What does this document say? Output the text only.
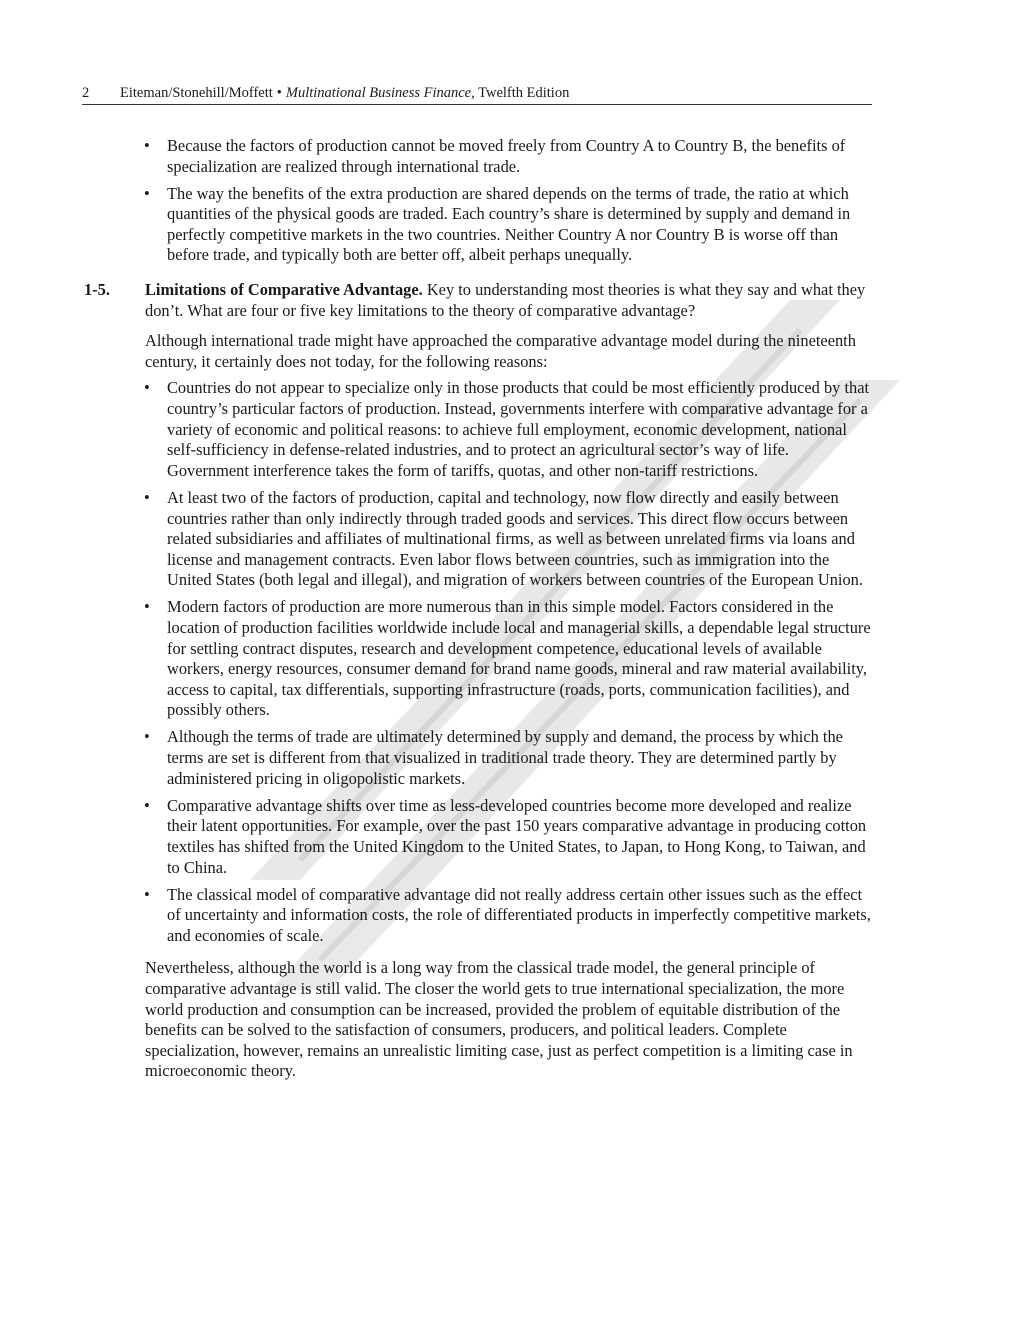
2 Eiteman/Stonehill/Moffett • Multinational Business Finance, Twelfth Edition
• Because the factors of production cannot be moved freely from Country A to Country B, the benefits of specialization are realized through international trade.
• The way the benefits of the extra production are shared depends on the terms of trade, the ratio at which quantities of the physical goods are traded. Each country’s share is determined by supply and demand in perfectly competitive markets in the two countries. Neither Country A nor Country B is worse off than before trade, and typically both are better off, albeit perhaps unequally.
1-5. Limitations of Comparative Advantage. Key to understanding most theories is what they say and what they don’t. What are four or five key limitations to the theory of comparative advantage?

Although international trade might have approached the comparative advantage model during the nineteenth century, it certainly does not today, for the following reasons:

• Countries do not appear to specialize only in those products that could be most efficiently produced by that country’s particular factors of production. Instead, governments interfere with comparative advantage for a variety of economic and political reasons: to achieve full employment, economic development, national self-sufficiency in defense-related industries, and to protect an agricultural sector’s way of life. Government interference takes the form of tariffs, quotas, and other non-tariff restrictions.
• At least two of the factors of production, capital and technology, now flow directly and easily between countries rather than only indirectly through traded goods and services. This direct flow occurs between related subsidiaries and affiliates of multinational firms, as well as between unrelated firms via loans and license and management contracts. Even labor flows between countries, such as immigration into the United States (both legal and illegal), and migration of workers between countries of the European Union.
• Modern factors of production are more numerous than in this simple model. Factors considered in the location of production facilities worldwide include local and managerial skills, a dependable legal structure for settling contract disputes, research and development competence, educational levels of available workers, energy resources, consumer demand for brand name goods, mineral and raw material availability, access to capital, tax differentials, supporting infrastructure (roads, ports, communication facilities), and possibly others.
• Although the terms of trade are ultimately determined by supply and demand, the process by which the terms are set is different from that visualized in traditional trade theory. They are determined partly by administered pricing in oligopolistic markets.
• Comparative advantage shifts over time as less-developed countries become more developed and realize their latent opportunities. For example, over the past 150 years comparative advantage in producing cotton textiles has shifted from the United Kingdom to the United States, to Japan, to Hong Kong, to Taiwan, and to China.
• The classical model of comparative advantage did not really address certain other issues such as the effect of uncertainty and information costs, the role of differentiated products in imperfectly competitive markets, and economies of scale.

Nevertheless, although the world is a long way from the classical trade model, the general principle of comparative advantage is still valid. The closer the world gets to true international specialization, the more world production and consumption can be increased, provided the problem of equitable distribution of the benefits can be solved to the satisfaction of consumers, producers, and political leaders. Complete specialization, however, remains an unrealistic limiting case, just as perfect competition is a limiting case in microeconomic theory.
